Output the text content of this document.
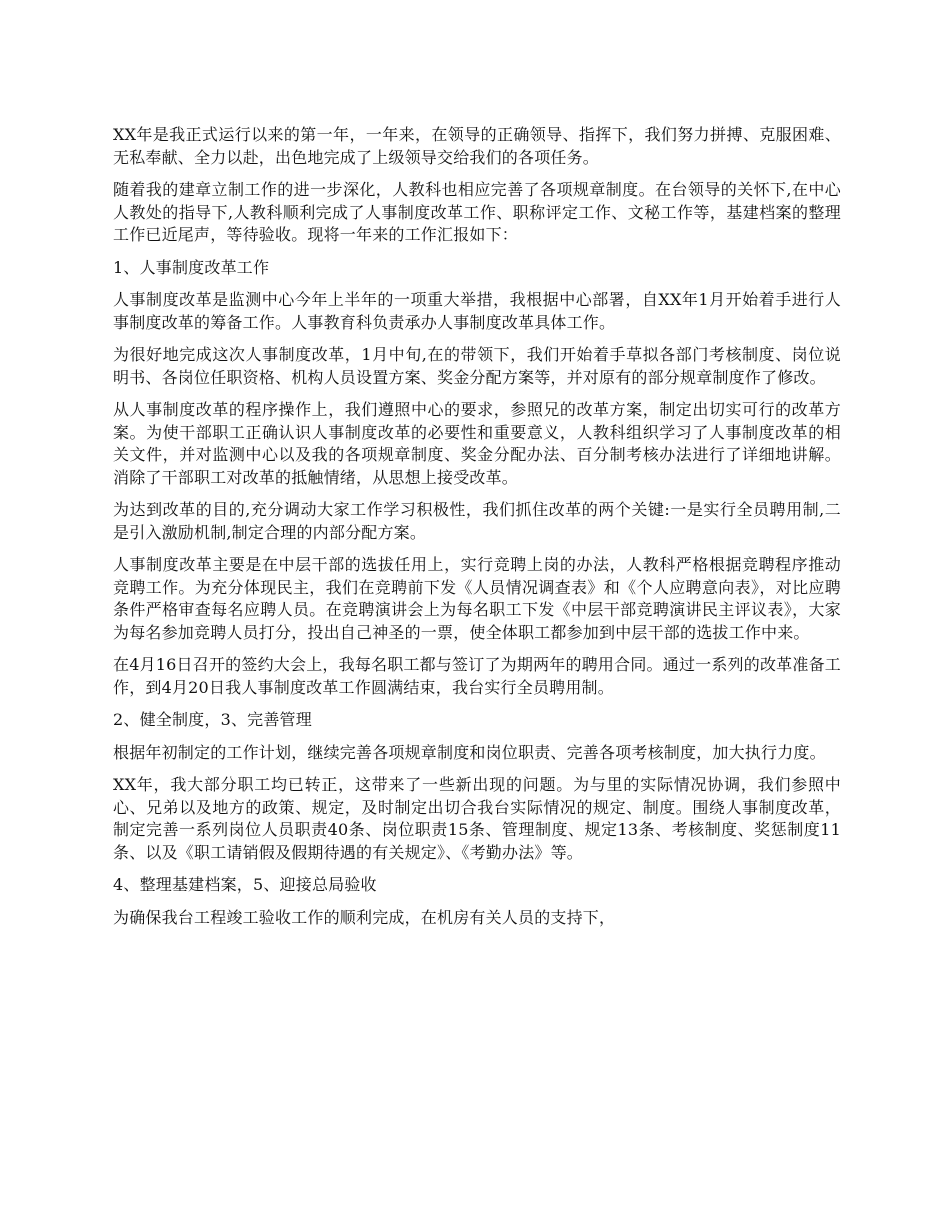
XX年是我正式运行以来的第一年，一年来，在领导的正确领导、指挥下，我们努力拼搏、克服困难、无私奉献、全力以赴，出色地完成了上级领导交给我们的各项任务。

随着我的建章立制工作的进一步深化，人教科也相应完善了各项规章制度。在台领导的关怀下,在中心人教处的指导下,人教科顺利完成了人事制度改革工作、职称评定工作、文秘工作等，基建档案的整理工作已近尾声，等待验收。现将一年来的工作汇报如下：

1、人事制度改革工作

人事制度改革是监测中心今年上半年的一项重大举措，我根据中心部署，自XX年1月开始着手进行人事制度改革的筹备工作。人事教育科负责承办人事制度改革具体工作。

为很好地完成这次人事制度改革，1月中旬,在的带领下，我们开始着手草拟各部门考核制度、岗位说明书、各岗位任职资格、机构人员设置方案、奖金分配方案等，并对原有的部分规章制度作了修改。

从人事制度改革的程序操作上，我们遵照中心的要求，参照兄的改革方案，制定出切实可行的改革方案。为使干部职工正确认识人事制度改革的必要性和重要意义，人教科组织学习了人事制度改革的相关文件，并对监测中心以及我的各项规章制度、奖金分配办法、百分制考核办法进行了详细地讲解。消除了干部职工对改革的抵触情绪，从思想上接受改革。

为达到改革的目的,充分调动大家工作学习积极性，我们抓住改革的两个关键:一是实行全员聘用制,二是引入激励机制,制定合理的内部分配方案。

人事制度改革主要是在中层干部的选拔任用上，实行竞聘上岗的办法，人教科严格根据竞聘程序推动竞聘工作。为充分体现民主，我们在竞聘前下发《人员情况调查表》和《个人应聘意向表》，对比应聘条件严格审查每名应聘人员。在竞聘演讲会上为每名职工下发《中层干部竞聘演讲民主评议表》，大家为每名参加竞聘人员打分，投出自己神圣的一票，使全体职工都参加到中层干部的选拔工作中来。

在4月16日召开的签约大会上，我每名职工都与签订了为期两年的聘用合同。通过一系列的改革准备工作，到4月20日我人事制度改革工作圆满结束，我台实行全员聘用制。

2、健全制度，3、完善管理

根据年初制定的工作计划，继续完善各项规章制度和岗位职责、完善各项考核制度，加大执行力度。

XX年，我大部分职工均已转正，这带来了一些新出现的问题。为与里的实际情况协调，我们参照中心、兄弟以及地方的政策、规定，及时制定出切合我台实际情况的规定、制度。围绕人事制度改革，制定完善一系列岗位人员职责40条、岗位职责15条、管理制度、规定13条、考核制度、奖惩制度11条、以及《职工请销假及假期待遇的有关规定》、《考勤办法》等。

4、整理基建档案，5、迎接总局验收

为确保我台工程竣工验收工作的顺利完成，在机房有关人员的支持下，
